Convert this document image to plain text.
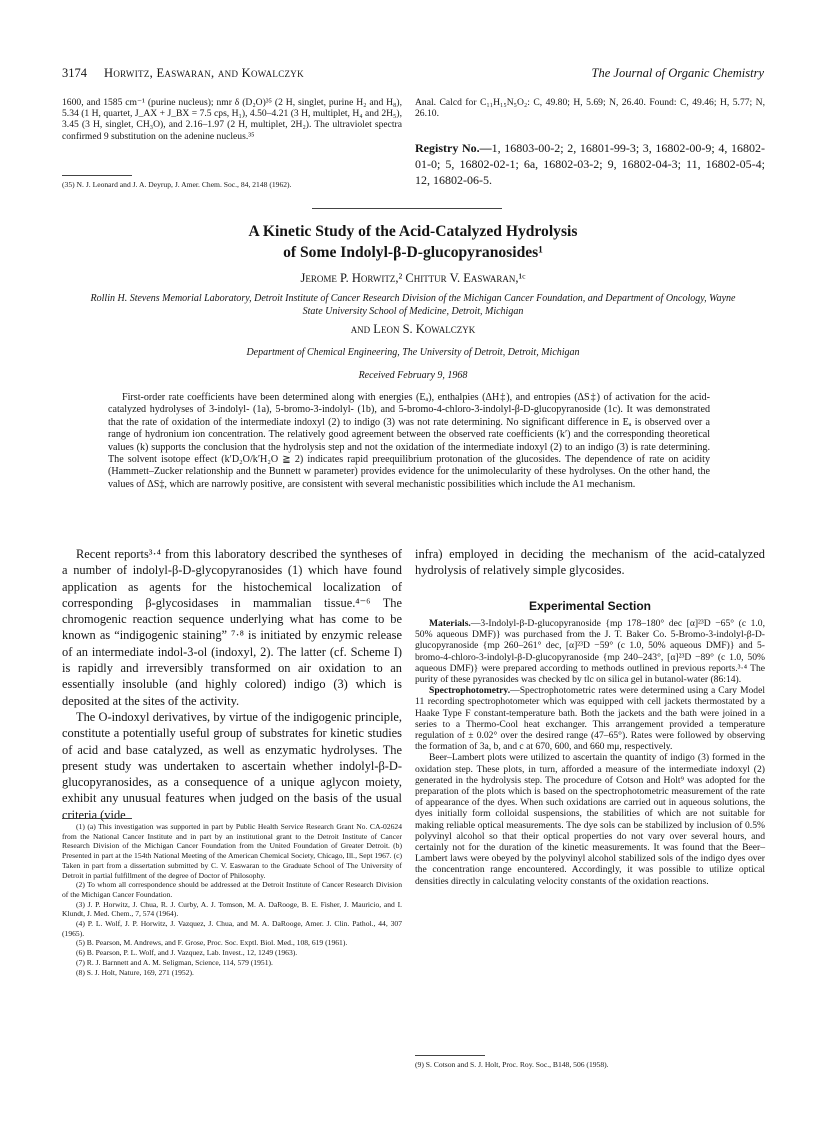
3174 Horwitz, Easwaran, and Kowalczyk	The Journal of Organic Chemistry

1600, and 1585 cm⁻¹ (purine nucleus); nmr δ (D₂O)³⁵ (2 H, singlet, purine H₂ and H₈), 5.34 (1 H, quartet, J_AX + J_BX = 7.5 cps, H₁), 4.50–4.21 (3 H, multiplet, H₄ and 2H₅), 3.45 (3 H, singlet, CH₃O), and 2.16–1.97 (2 H, multiplet, 2H₂). The ultraviolet spectra confirmed 9 substitution on the adenine nucleus.³⁵

(35) N. J. Leonard and J. A. Deyrup, J. Amer. Chem. Soc., 84, 2148 (1962).
Anal. Calcd for C₁₁H₁₅N₅O₂: C, 49.80; H, 5.69; N, 26.40. Found: C, 49.46; H, 5.77; N, 26.10.
Registry No.—1, 16803-00-2; 2, 16801-99-3; 3, 16802-00-9; 4, 16802-01-0; 5, 16802-02-1; 6a, 16802-03-2; 9, 16802-04-3; 11, 16802-05-4; 12, 16802-06-5.
A Kinetic Study of the Acid-Catalyzed Hydrolysis
of Some Indolyl-β-D-glucopyranosides¹
Jerome P. Horwitz,² Chittur V. Easwaran,¹ᶜ
Rollin H. Stevens Memorial Laboratory, Detroit Institute of Cancer Research Division of the Michigan Cancer Foundation, and Department of Oncology, Wayne State University School of Medicine, Detroit, Michigan
and Leon S. Kowalczyk
Department of Chemical Engineering, The University of Detroit, Detroit, Michigan
Received February 9, 1968
First-order rate coefficients have been determined along with energies (Eₐ), enthalpies (ΔH‡), and entropies (ΔS‡) of activation for the acid-catalyzed hydrolyses of 3-indolyl- (1a), 5-bromo-3-indolyl- (1b), and 5-bromo-4-chloro-3-indolyl-β-D-glucopyranoside (1c). It was demonstrated that the rate of oxidation of the intermediate indoxyl (2) to indigo (3) was not rate determining. No significant difference in Eₐ is observed over a range of hydronium ion concentration. The relatively good agreement between the observed rate coefficients (k′) and the corresponding theoretical values (k) supports the conclusion that the hydrolysis step and not the oxidation of the intermediate indoxyl (2) to an indigo (3) is rate determining. The solvent isotope effect (k′D₂O/k′H₂O ≧ 2) indicates rapid preequilibrium protonation of the glucosides. The dependence of rate on acidity (Hammett–Zucker relationship and the Bunnett w parameter) provides evidence for the unimolecularity of these hydrolyses. On the other hand, the values of ΔS‡, which are narrowly positive, are consistent with several mechanistic possibilities which include the A1 mechanism.

Recent reports³·⁴ from this laboratory described the syntheses of a number of indolyl-β-D-glycopyranosides (1) which have found application as agents for the histochemical localization of corresponding β-glycosidases in mammalian tissue.⁴⁻⁶ The chromogenic reaction sequence underlying what has come to be known as “indigogenic staining” ⁷·⁸ is initiated by enzymic release of an intermediate indol-3-ol (indoxyl, 2). The latter (cf. Scheme I) is rapidly and irreversibly transformed on air oxidation to an essentially insoluble (and highly colored) indigo (3) which is deposited at the sites of the activity.

The O-indoxyl derivatives, by virtue of the indigogenic principle, constitute a potentially useful group of substrates for kinetic studies of acid and base catalyzed, as well as enzymatic hydrolyses. The present study was undertaken to ascertain whether indolyl-β-D-glucopyranosides, as a consequence of a unique aglycon moiety, exhibit any unusual features when judged on the basis of the usual criteria (vide

(1) (a) This investigation was supported in part by Public Health Service Research Grant No. CA-02624 from the National Cancer Institute and in part by an institutional grant to the Detroit Institute of Cancer Research Division of the Michigan Cancer Foundation from the United Foundation of Greater Detroit. (b) Presented in part at the 154th National Meeting of the American Chemical Society, Chicago, Ill., Sept 1967. (c) Taken in part from a dissertation submitted by C. V. Easwaran to the Graduate School of The University of Detroit in partial fulfillment of the degree of Doctor of Philosophy.

(2) To whom all correspondence should be addressed at the Detroit Institute of Cancer Research Division of the Michigan Cancer Foundation.

(3) J. P. Horwitz, J. Chua, R. J. Curby, A. J. Tomson, M. A. DaRooge, B. E. Fisher, J. Mauricio, and I. Klundt, J. Med. Chem., 7, 574 (1964).

(4) P. L. Wolf, J. P. Horwitz, J. Vazquez, J. Chua, and M. A. DaRooge, Amer. J. Clin. Pathol., 44, 307 (1965).

(5) B. Pearson, M. Andrews, and F. Grose, Proc. Soc. Exptl. Biol. Med., 108, 619 (1961).

(6) B. Pearson, P. L. Wolf, and J. Vazquez, Lab. Invest., 12, 1249 (1963).

(7) R. J. Barnnett and A. M. Seligman, Science, 114, 579 (1951).

(8) S. J. Holt, Nature, 169, 271 (1952).

infra) employed in deciding the mechanism of the acid-catalyzed hydrolysis of relatively simple glycosides.
Experimental Section

Materials.—3-Indolyl-β-D-glucopyranoside {mp 178–180° dec [α]²³D −65° (c 1.0, 50% aqueous DMF)} was purchased from the J. T. Baker Co. 5-Bromo-3-indolyl-β-D-glucopyranoside {mp 260–261° dec, [α]²³D −59° (c 1.0, 50% aqueous DMF)} and 5-bromo-4-chloro-3-indolyl-β-D-glucopyranoside {mp 240–243°, [α]²³D −89° (c 1.0, 50% aqueous DMF)} were prepared according to methods outlined in previous reports.³·⁴ The purity of these pyranosides was checked by tlc on silica gel in butanol-water (86:14).

Spectrophotometry.—Spectrophotometric rates were determined using a Cary Model 11 recording spectrophotometer which was equipped with cell jackets thermostated by a Haake Type F constant-temperature bath. Both the jackets and the bath were joined in a series to a Thermo-Cool heat exchanger. This arrangement provided a temperature regulation of ± 0.02° over the desired range (47–65°). Rates were followed by observing the formation of 3a, b, and c at 670, 600, and 660 mμ, respectively.

Beer–Lambert plots were utilized to ascertain the quantity of indigo (3) formed in the oxidation step. These plots, in turn, afforded a measure of the intermediate indoxyl (2) generated in the hydrolysis step. The procedure of Cotson and Holt⁹ was adopted for the preparation of the plots which is based on the spectrophotometric measurement of the rate of appearance of the dyes. When such oxidations are carried out in aqueous solutions, the dyes initially form colloidal suspensions, the stabilities of which are not suitable for making reliable optical measurements. The dye sols can be stabilized by inclusion of 0.5% polyvinyl alcohol so that their optical properties do not vary over several hours, and certainly not for the duration of the kinetic measurements. It was found that the Beer–Lambert laws were obeyed by the polyvinyl alcohol stabilized sols of the indigo dyes over the concentration range encountered. Accordingly, it was possible to utilize optical densities directly in calculating velocity constants of the oxidation reactions.

(9) S. Cotson and S. J. Holt, Proc. Roy. Soc., B148, 506 (1958).
